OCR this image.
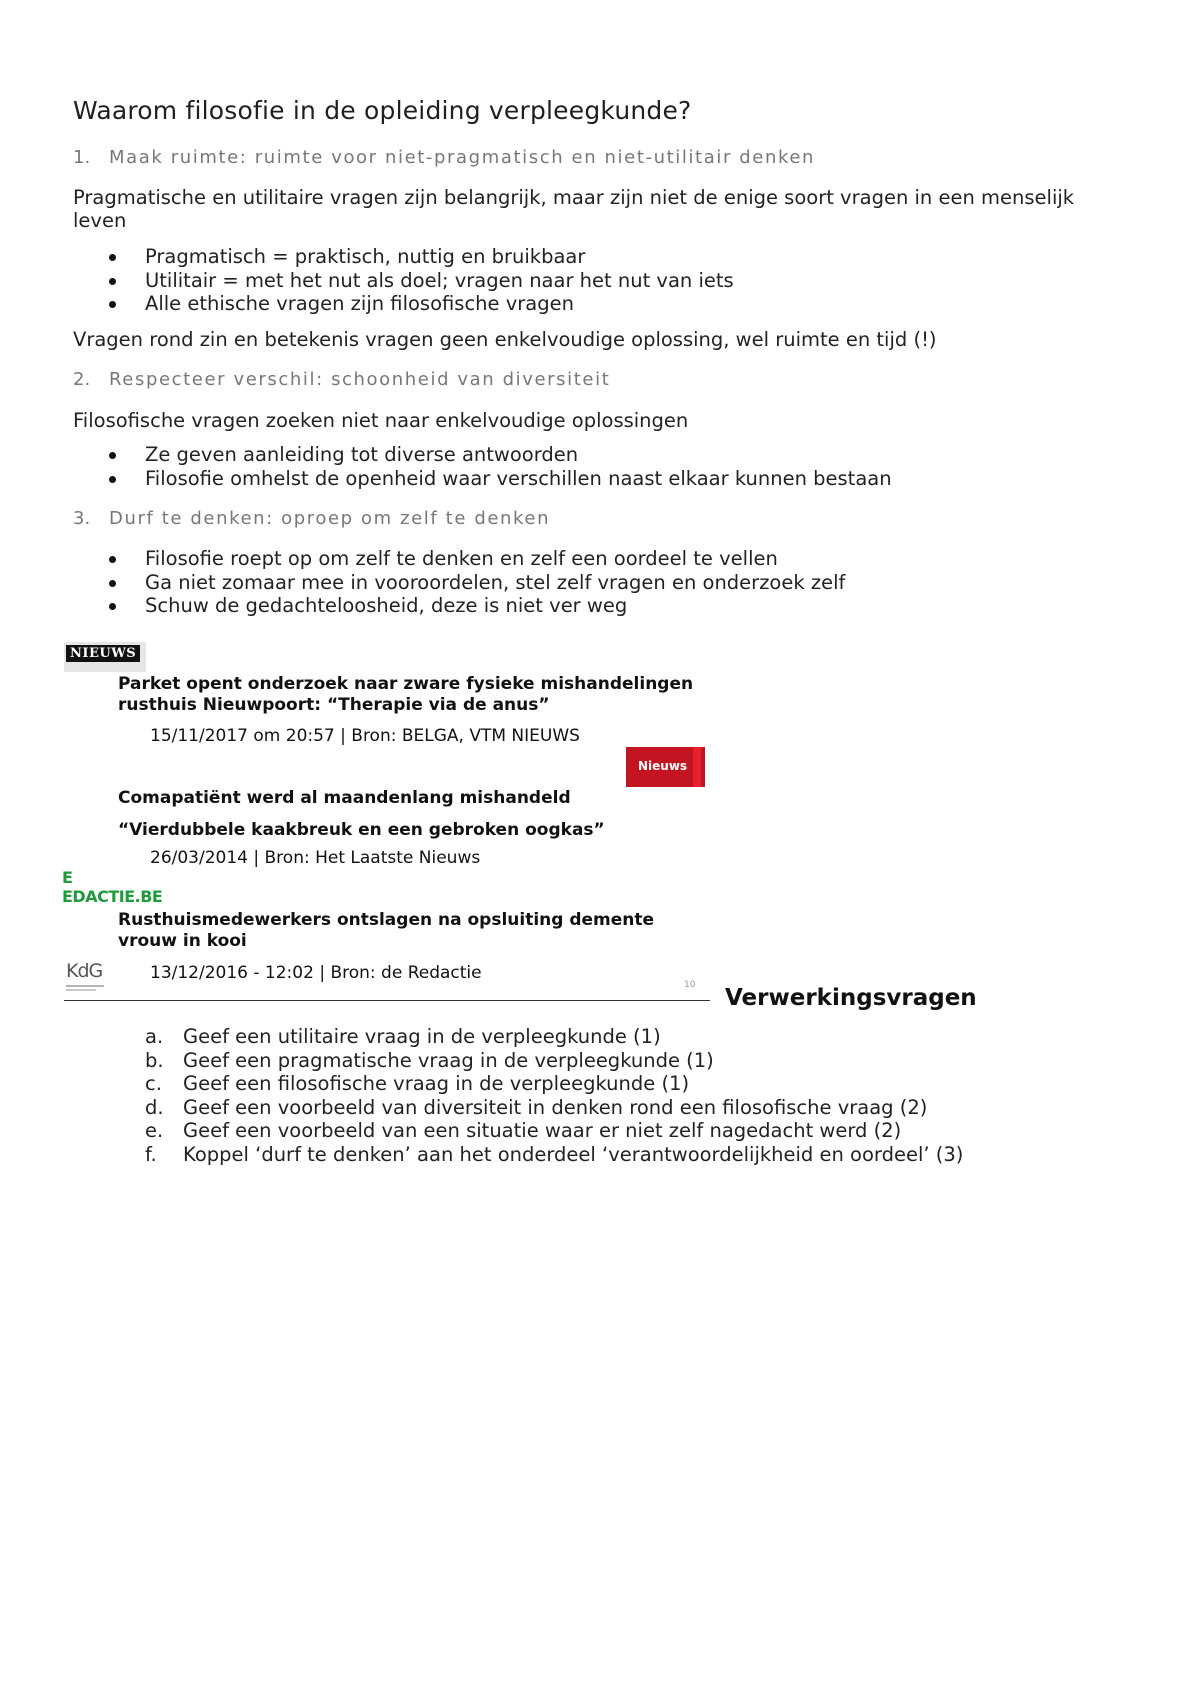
Waarom filosofie in de opleiding verpleegkunde?
1. Maak ruimte: ruimte voor niet-pragmatisch en niet-utilitair denken
Pragmatische en utilitaire vragen zijn belangrijk, maar zijn niet de enige soort vragen in een menselijk leven
Pragmatisch = praktisch, nuttig en bruikbaar
Utilitair = met het nut als doel; vragen naar het nut van iets
Alle ethische vragen zijn filosofische vragen
Vragen rond zin en betekenis vragen geen enkelvoudige oplossing, wel ruimte en tijd (!)
2. Respecteer verschil: schoonheid van diversiteit
Filosofische vragen zoeken niet naar enkelvoudige oplossingen
Ze geven aanleiding tot diverse antwoorden
Filosofie omhelst de openheid waar verschillen naast elkaar kunnen bestaan
3. Durf te denken: oproep om zelf te denken
Filosofie roept op om zelf te denken en zelf een oordeel te vellen
Ga niet zomaar mee in vooroordelen, stel zelf vragen en onderzoek zelf
Schuw de gedachteloosheid, deze is niet ver weg
NIEUWS
Parket opent onderzoek naar zware fysieke mishandelingen
rusthuis Nieuwpoort: “Therapie via de anus”
15/11/2017 om 20:57 | Bron: BELGA, VTM NIEUWS
Nieuws
Comapatiënt werd al maandenlang mishandeld
“Vierdubbele kaakbreuk en een gebroken oogkas”
26/03/2014 | Bron: Het Laatste Nieuws
E
EDACTIE.BE
Rusthuismedewerkers ontslagen na opsluiting demente
vrouw in kooi
13/12/2016 - 12:02 | Bron: de Redactie
KdG
10 Verwerkingsvragen
a. Geef een utilitaire vraag in de verpleegkunde (1)
b. Geef een pragmatische vraag in de verpleegkunde (1)
c. Geef een filosofische vraag in de verpleegkunde (1)
d. Geef een voorbeeld van diversiteit in denken rond een filosofische vraag (2)
e. Geef een voorbeeld van een situatie waar er niet zelf nagedacht werd (2)
f. Koppel ‘durf te denken’ aan het onderdeel ‘verantwoordelijkheid en oordeel’ (3)
